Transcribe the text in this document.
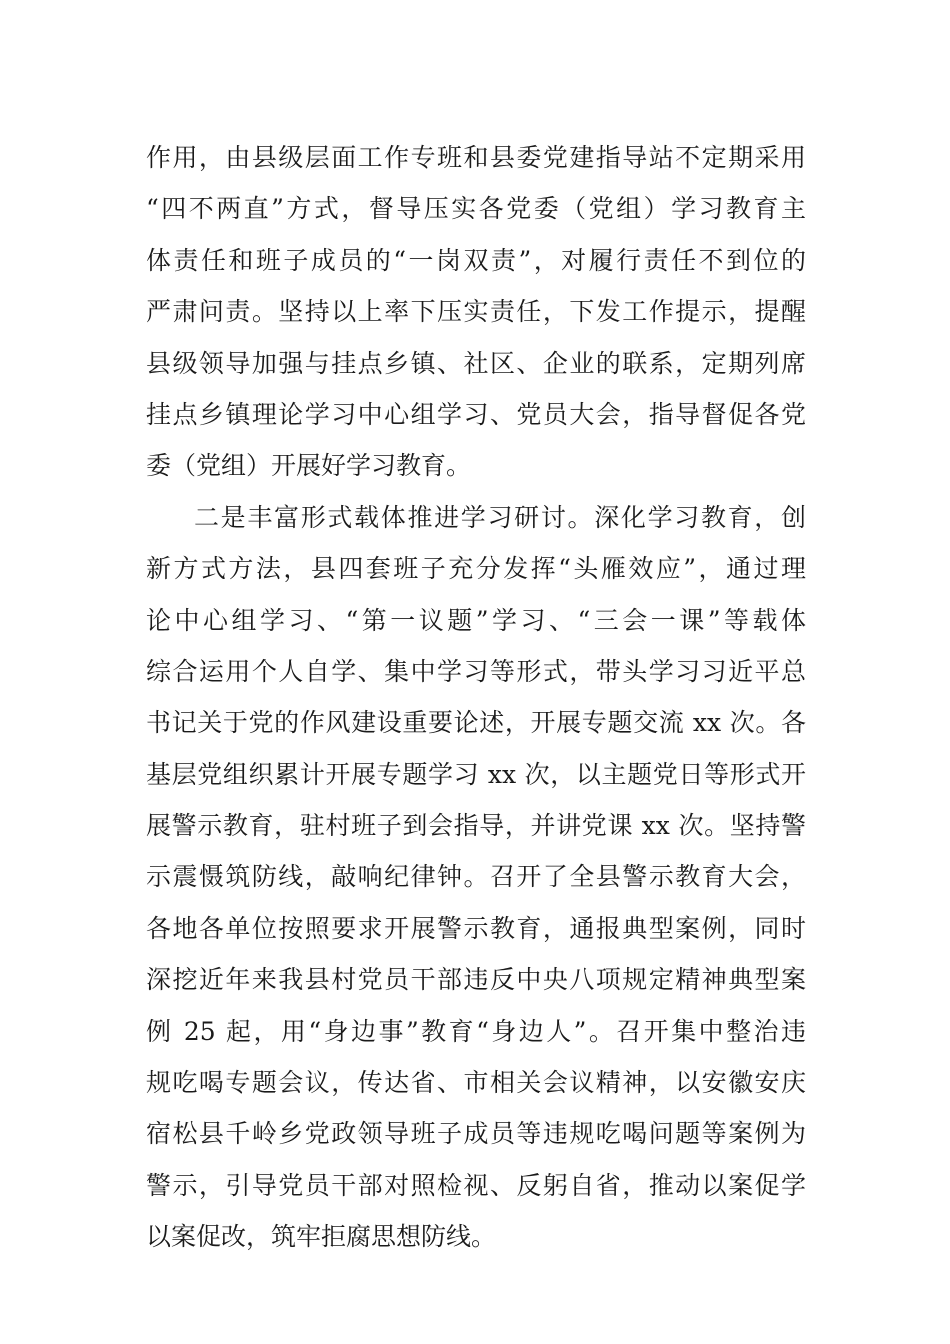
作用，由县级层面工作专班和县委党建指导站不定期采用
“四不两直”方式，督导压实各党委（党组）学习教育主
体责任和班子成员的“一岗双责”，对履行责任不到位的
严肃问责。坚持以上率下压实责任，下发工作提示，提醒
县级领导加强与挂点乡镇、社区、企业的联系，定期列席
挂点乡镇理论学习中心组学习、党员大会，指导督促各党
委（党组）开展好学习教育。
二是丰富形式载体推进学习研讨。深化学习教育，创
新方式方法，县四套班子充分发挥“头雁效应”，通过理
论中心组学习、“第一议题”学习、“三会一课”等载体
综合运用个人自学、集中学习等形式，带头学习习近平总
书记关于党的作风建设重要论述，开展专题交流 xx 次。各
基层党组织累计开展专题学习 xx 次，以主题党日等形式开
展警示教育，驻村班子到会指导，并讲党课 xx 次。坚持警
示震慑筑防线，敲响纪律钟。召开了全县警示教育大会，
各地各单位按照要求开展警示教育，通报典型案例，同时
深挖近年来我县村党员干部违反中央八项规定精神典型案
例 25 起，用“身边事”教育“身边人”。召开集中整治违
规吃喝专题会议，传达省、市相关会议精神，以安徽安庆
宿松县千岭乡党政领导班子成员等违规吃喝问题等案例为
警示，引导党员干部对照检视、反躬自省，推动以案促学
以案促改，筑牢拒腐思想防线。
